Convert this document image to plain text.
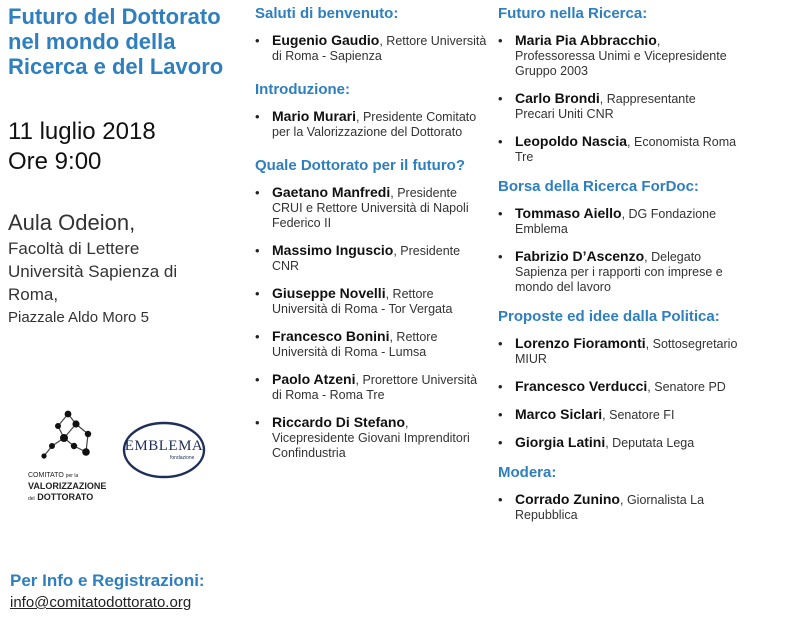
Futuro del Dottorato
nel mondo della
Ricerca e del Lavoro
11 luglio 2018
Ore 9:00
Aula Odeion,
Facoltà di Lettere
Università Sapienza di
Roma,
Piazzale Aldo Moro 5
COMITATO per la
VALORIZZAZIONE
del DOTTORATO
EMBLEMA
fondazione
Per Info e Registrazioni:
info@comitatodottorato.org
Saluti di benvenuto:
• Eugenio Gaudio, Rettore Università di Roma - Sapienza
Introduzione:
• Mario Murari, Presidente Comitato per la Valorizzazione del Dottorato
Quale Dottorato per il futuro?
• Gaetano Manfredi, Presidente CRUI e Rettore Università di Napoli Federico II
• Massimo Inguscio, Presidente CNR
• Giuseppe Novelli, Rettore Università di Roma - Tor Vergata
• Francesco Bonini, Rettore Università di Roma - Lumsa
• Paolo Atzeni, Prorettore Università di Roma - Roma Tre
• Riccardo Di Stefano, Vicepresidente Giovani Imprenditori Confindustria
Futuro nella Ricerca:
• Maria Pia Abbracchio, Professoressa Unimi e Vicepresidente Gruppo 2003
• Carlo Brondi, Rappresentante Precari Uniti CNR
• Leopoldo Nascia, Economista Roma Tre
Borsa della Ricerca ForDoc:
• Tommaso Aiello, DG Fondazione Emblema
• Fabrizio D’Ascenzo, Delegato Sapienza per i rapporti con imprese e mondo del lavoro
Proposte ed idee dalla Politica:
• Lorenzo Fioramonti, Sottosegretario MIUR
• Francesco Verducci, Senatore PD
• Marco Siclari, Senatore FI
• Giorgia Latini, Deputata Lega
Modera:
• Corrado Zunino, Giornalista La Repubblica
